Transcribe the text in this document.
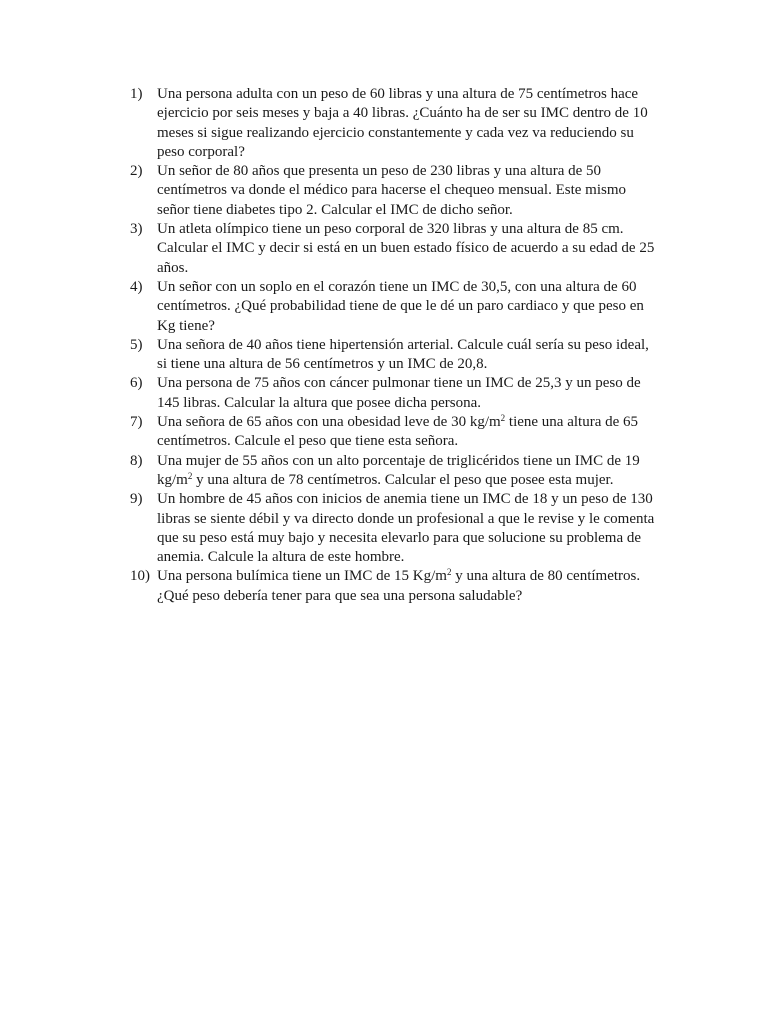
1) Una persona adulta con un peso de 60 libras y una altura de 75 centímetros hace ejercicio por seis meses y baja a 40 libras. ¿Cuánto ha de ser su IMC dentro de 10 meses si sigue realizando ejercicio constantemente y cada vez va reduciendo su peso corporal?
2) Un señor de 80 años que presenta un peso de 230 libras y una altura de 50 centímetros va donde el médico para hacerse el chequeo mensual. Este mismo señor tiene diabetes tipo 2. Calcular el IMC de dicho señor.
3) Un atleta olímpico tiene un peso corporal de 320 libras y una altura de 85 cm. Calcular el IMC y decir si está en un buen estado físico de acuerdo a su edad de 25 años.
4) Un señor con un soplo en el corazón tiene un IMC de 30,5, con una altura de 60 centímetros. ¿Qué probabilidad tiene de que le dé un paro cardiaco y que peso en Kg tiene?
5) Una señora de 40 años tiene hipertensión arterial. Calcule cuál sería su peso ideal, si tiene una altura de 56 centímetros y un IMC de 20,8.
6) Una persona de 75 años con cáncer pulmonar tiene un IMC de 25,3 y un peso de 145 libras. Calcular la altura que posee dicha persona.
7) Una señora de 65 años con una obesidad leve de 30 $kg/m^2$ tiene una altura de 65 centímetros. Calcule el peso que tiene esta señora.
8) Una mujer de 55 años con un alto porcentaje de triglicéridos tiene un IMC de 19 $kg/m^2$ y una altura de 78 centímetros. Calcular el peso que posee esta mujer.
9) Un hombre de 45 años con inicios de anemia tiene un IMC de 18 y un peso de 130 libras se siente débil y va directo donde un profesional a que le revise y le comenta que su peso está muy bajo y necesita elevarlo para que solucione su problema de anemia. Calcule la altura de este hombre.
10) Una persona bulímica tiene un IMC de 15 $Kg/m^2$ y una altura de 80 centímetros. ¿Qué peso debería tener para que sea una persona saludable?
